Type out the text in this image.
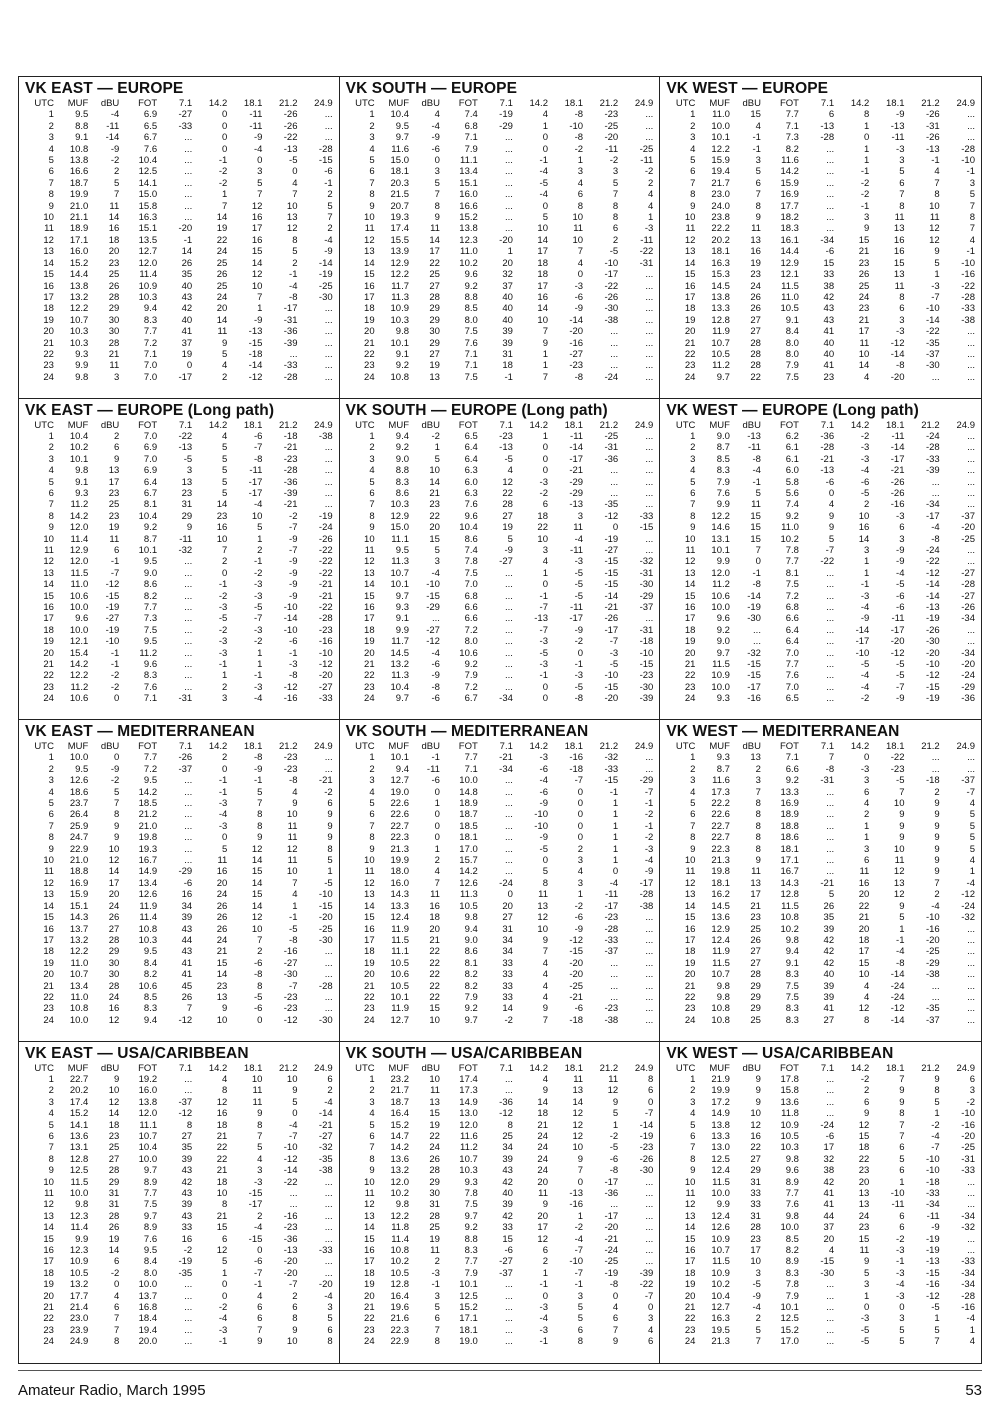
VK EAST — EUROPE
UTC	MUF	dBU	FOT	7.1	14.2	18.1	21.2	24.9
1	9.5	-4	6.9	-27	0	-11	-26	...
2	8.8	-11	6.5	-33	0	-11	-26	...
3	9.1	-14	6.7	...	0	-9	-22	...
4	10.8	-9	7.6	...	0	-4	-13	-28
5	13.8	-2	10.4	...	-1	0	-5	-15
6	16.6	2	12.5	...	-2	3	0	-6
7	18.7	5	14.1	...	-2	5	4	-1
8	19.9	7	15.0	...	1	7	7	2
9	21.0	11	15.8	...	7	12	10	5
10	21.1	14	16.3	...	14	16	13	7
11	18.9	16	15.1	-20	19	17	12	2
12	17.1	18	13.5	-1	22	16	8	-4
13	16.0	20	12.7	14	24	15	5	-9
14	15.2	23	12.0	26	25	14	2	-14
15	14.4	25	11.4	35	26	12	-1	-19
16	13.8	26	10.9	40	25	10	-4	-25
17	13.2	28	10.3	43	24	7	-8	-30
18	12.2	29	9.4	42	20	1	-17	...
19	10.7	30	8.3	40	14	-9	-31	...
20	10.3	30	7.7	41	11	-13	-36	...
21	10.3	28	7.2	37	9	-15	-39	...
22	9.3	21	7.1	19	5	-18	...	...
23	9.9	11	7.0	0	4	-14	-33	...
24	9.8	3	7.0	-17	2	-12	-28	...
VK SOUTH — EUROPE
UTC	MUF	dBU	FOT	7.1	14.2	18.1	21.2	24.9
1	10.4	4	7.4	-19	4	-8	-23	...
2	9.5	-4	6.8	-29	1	-10	-25	...
3	9.7	-9	7.1	...	0	-8	-20	...
4	11.6	-6	7.9	...	0	-2	-11	-25
5	15.0	0	11.1	...	-1	1	-2	-11
6	18.1	3	13.4	...	-4	3	3	-2
7	20.3	5	15.1	...	-5	4	5	2
8	21.5	7	16.0	...	-4	6	7	4
9	20.7	8	16.6	...	0	8	8	4
10	19.3	9	15.2	...	5	10	8	1
11	17.4	11	13.8	...	10	11	6	-3
12	15.5	14	12.3	-20	14	10	2	-11
13	13.9	17	11.0	1	17	7	-5	-22
14	12.9	22	10.2	20	18	4	-10	-31
15	12.2	25	9.6	32	18	0	-17	...
16	11.7	27	9.2	37	17	-3	-22	...
17	11.3	28	8.8	40	16	-6	-26	...
18	10.9	29	8.5	40	14	-9	-30	...
19	10.3	29	8.0	40	10	-14	-38	...
20	9.8	30	7.5	39	7	-20	...	...
21	10.1	29	7.6	39	9	-16	...	...
22	9.1	27	7.1	31	1	-27	...	...
23	9.2	19	7.1	18	1	-23	...	...
24	10.8	13	7.5	-1	7	-8	-24	...
VK WEST — EUROPE
UTC	MUF	dBU	FOT	7.1	14.2	18.1	21.2	24.9
1	11.0	15	7.7	6	8	-9	-26	...
2	10.0	4	7.1	-13	1	-13	-31	...
3	10.1	-1	7.3	-28	0	-11	-26	...
4	12.2	-1	8.2	...	1	-3	-13	-28
5	15.9	3	11.6	...	1	3	-1	-10
6	19.4	5	14.2	...	-1	5	4	-1
7	21.7	6	15.9	...	-2	6	7	3
8	23.0	7	16.9	...	-2	7	8	5
9	24.0	8	17.7	...	-1	8	10	7
10	23.8	9	18.2	...	3	11	11	8
11	22.2	11	18.3	...	9	13	12	7
12	20.2	13	16.1	-34	15	16	12	4
13	18.1	16	14.4	-6	21	16	9	-1
14	16.3	19	12.9	15	23	15	5	-10
15	15.3	23	12.1	33	26	13	1	-16
16	14.5	24	11.5	38	25	11	-3	-22
17	13.8	26	11.0	42	24	8	-7	-28
18	13.3	26	10.5	43	23	6	-10	-33
19	12.8	27	9.1	43	21	3	-14	-38
20	11.9	27	8.4	41	17	-3	-22	...
21	10.7	28	8.0	40	11	-12	-35	...
22	10.5	28	8.0	40	10	-14	-37	...
23	11.2	28	7.9	41	14	-8	-30	...
24	9.7	22	7.5	23	4	-20	...	...
VK EAST — EUROPE (Long path)
UTC	MUF	dBU	FOT	7.1	14.2	18.1	21.2	24.9
1	10.4	2	7.0	-22	4	-6	-18	-38
2	10.2	6	6.9	-13	5	-7	-21	...
3	10.1	9	7.0	-5	5	-8	-23	...
4	9.8	13	6.9	3	5	-11	-28	...
5	9.1	17	6.4	13	5	-17	-36	...
6	9.3	23	6.7	23	5	-17	-39	...
7	11.2	25	8.1	31	14	-4	-21	...
8	14.2	23	10.4	29	23	10	-2	-19
9	12.0	19	9.2	9	16	5	-7	-24
10	11.4	11	8.7	-11	10	1	-9	-26
11	12.9	6	10.1	-32	7	2	-7	-22
12	12.0	-1	9.5	...	2	-1	-9	-22
13	11.5	-7	9.0	...	0	-2	-9	-22
14	11.0	-12	8.6	...	-1	-3	-9	-21
15	10.6	-15	8.2	...	-2	-3	-9	-21
16	10.0	-19	7.7	...	-3	-5	-10	-22
17	9.6	-27	7.3	...	-5	-7	-14	-28
18	10.0	-19	7.5	...	-2	-3	-10	-23
19	12.1	-10	9.5	...	-3	-2	-6	-16
20	15.4	-1	11.2	...	-3	1	-1	-10
21	14.2	-1	9.6	...	-1	1	-3	-12
22	12.2	-2	8.3	...	1	-1	-8	-20
23	11.2	-2	7.6	...	2	-3	-12	-27
24	10.6	0	7.1	-31	3	-4	-16	-33
VK SOUTH — EUROPE (Long path)
UTC	MUF	dBU	FOT	7.1	14.2	18.1	21.2	24.9
1	9.4	-2	6.5	-23	1	-11	-25	...
2	9.2	1	6.4	-13	0	-14	-31	...
3	9.0	5	6.4	-5	0	-17	-36	...
4	8.8	10	6.3	4	0	-21	...	...
5	8.3	14	6.0	12	-3	-29	...	...
6	8.6	21	6.3	22	-2	-29	...	...
7	10.3	23	7.6	28	6	-13	-35	...
8	12.9	22	9.6	27	18	3	-12	-33
9	15.0	20	10.4	19	22	11	0	-15
10	11.1	15	8.6	5	10	-4	-19	...
11	9.5	5	7.4	-9	3	-11	-27	...
12	11.3	3	7.8	-27	4	-3	-15	-32
13	10.7	-4	7.5	...	1	-5	-15	-31
14	10.1	-10	7.0	...	0	-5	-15	-30
15	9.7	-15	6.8	...	-1	-5	-14	-29
16	9.3	-29	6.6	...	-7	-11	-21	-37
17	9.1	...	6.6	...	-13	-17	-26	...
18	9.9	-27	7.2	...	-7	-9	-17	-31
19	11.7	-12	8.0	...	-3	-2	-7	-18
20	14.5	-4	10.6	...	-5	0	-3	-10
21	13.2	-6	9.2	...	-3	-1	-5	-15
22	11.3	-9	7.9	...	-1	-3	-10	-23
23	10.4	-8	7.2	...	0	-5	-15	-30
24	9.7	-6	6.7	-34	0	-8	-20	-39
VK WEST — EUROPE (Long path)
UTC	MUF	dBU	FOT	7.1	14.2	18.1	21.2	24.9
1	9.0	-13	6.2	-36	-2	-11	-24	...
2	8.7	-11	6.1	-28	-3	-14	-28	...
3	8.5	-8	6.1	-21	-3	-17	-33	...
4	8.3	-4	6.0	-13	-4	-21	-39	...
5	7.9	-1	5.8	-6	-6	-26	...	...
6	7.6	5	5.6	0	-5	-26	...	...
7	9.9	11	7.4	4	2	-16	-34	...
8	12.2	15	9.2	9	10	-3	-17	-37
9	14.6	15	11.0	9	16	6	-4	-20
10	13.1	15	10.2	5	14	3	-8	-25
11	10.1	7	7.8	-7	3	-9	-24	...
12	9.9	0	7.7	-22	1	-9	-22	...
13	12.0	-1	8.1	...	1	-4	-12	-27
14	11.2	-8	7.5	...	-1	-5	-14	-28
15	10.6	-14	7.2	...	-3	-6	-14	-27
16	10.0	-19	6.8	...	-4	-6	-13	-26
17	9.6	-30	6.6	...	-9	-11	-19	-34
18	9.2	...	6.4	...	-14	-17	-26	...
19	9.0	...	6.4	...	-17	-20	-30	...
20	9.7	-32	7.0	...	-10	-12	-20	-34
21	11.5	-15	7.7	...	-5	-5	-10	-20
22	10.9	-15	7.6	...	-4	-5	-12	-24
23	10.0	-17	7.0	...	-4	-7	-15	-29
24	9.3	-16	6.5	...	-2	-9	-19	-36
VK EAST — MEDITERRANEAN
UTC	MUF	dBU	FOT	7.1	14.2	18.1	21.2	24.9
1	10.0	0	7.7	-26	2	-8	-23	...
2	9.5	-9	7.2	-37	0	-9	-23	...
3	12.6	-2	9.5	...	-1	-1	-8	-21
4	18.6	5	14.2	...	-1	5	4	-2
5	23.7	7	18.5	...	-3	7	9	6
6	26.4	8	21.2	...	-4	8	10	9
7	25.9	9	21.0	...	-3	8	11	9
8	24.7	9	19.8	...	0	9	11	9
9	22.9	10	19.3	...	5	12	12	8
10	21.0	12	16.7	...	11	14	11	5
11	18.8	14	14.9	-29	16	15	10	1
12	16.9	17	13.4	-6	20	14	7	-5
13	15.9	20	12.6	16	24	15	4	-10
14	15.1	24	11.9	34	26	14	1	-15
15	14.3	26	11.4	39	26	12	-1	-20
16	13.7	27	10.8	43	26	10	-5	-25
17	13.2	28	10.3	44	24	7	-8	-30
18	12.2	29	9.5	43	21	2	-16	...
19	11.0	30	8.4	41	15	-6	-27	...
20	10.7	30	8.2	41	14	-8	-30	...
21	13.4	28	10.6	45	23	8	-7	-28
22	11.0	24	8.5	26	13	-5	-23	...
23	10.8	16	8.3	7	9	-6	-23	...
24	10.0	12	9.4	-12	10	0	-12	-30
VK SOUTH — MEDITERRANEAN
UTC	MUF	dBU	FOT	7.1	14.2	18.1	21.2	24.9
1	10.1	-1	7.7	-21	-3	-16	-32	...
2	9.4	-11	7.1	-34	-6	-18	-33	...
3	12.7	-6	10.0	...	-4	-7	-15	-29
4	19.0	0	14.8	...	-6	0	-1	-7
5	22.6	1	18.9	...	-9	0	1	-1
6	22.6	0	18.7	...	-10	0	1	-2
7	22.7	0	18.5	...	-10	0	1	-1
8	22.3	0	18.1	...	-9	0	1	-2
9	21.3	1	17.0	...	-5	2	1	-3
10	19.9	2	15.7	...	0	3	1	-4
11	18.0	4	14.2	...	5	4	0	-9
12	16.0	7	12.6	-24	8	3	-4	-17
13	14.3	11	11.3	0	11	1	-11	-28
14	13.3	16	10.5	20	13	-2	-17	-38
15	12.4	18	9.8	27	12	-6	-23	...
16	11.9	20	9.4	31	10	-9	-28	...
17	11.5	21	9.0	34	9	-12	-33	...
18	11.1	22	8.6	34	7	-15	-37	...
19	10.5	22	8.1	33	4	-20	...	...
20	10.6	22	8.2	33	4	-20	...	...
21	10.5	22	8.2	33	4	-25	...	...
22	10.1	22	7.9	33	4	-21	...	...
23	11.9	15	9.2	14	9	-6	-23	...
24	12.7	10	9.7	-2	7	-18	-38	...
VK WEST — MEDITERRANEAN
UTC	MUF	dBU	FOT	7.1	14.2	18.1	21.2	24.9
1	9.3	13	7.1	7	0	-22	...	...
2	8.7	2	6.6	-8	-3	-23	...	...
3	11.6	3	9.2	-31	3	-5	-18	-37
4	17.3	7	13.3	...	6	7	2	-7
5	22.2	8	16.9	...	4	10	9	4
6	22.6	8	18.9	...	2	9	9	5
7	22.7	8	18.8	...	1	9	9	5
8	22.7	8	18.6	...	1	9	9	5
9	22.3	8	18.1	...	3	10	9	5
10	21.3	9	17.1	...	6	11	9	4
11	19.8	11	16.7	...	11	12	9	1
12	18.1	13	14.3	-21	16	13	7	-4
13	16.2	17	12.8	5	20	12	2	-12
14	14.5	21	11.5	26	22	9	-4	-24
15	13.6	23	10.8	35	21	5	-10	-32
16	12.9	25	10.2	39	20	1	-16	...
17	12.4	26	9.8	42	18	-1	-20	...
18	11.9	27	9.4	42	17	-4	-25	...
19	11.5	27	9.1	42	15	-8	-29	...
20	10.7	28	8.3	40	10	-14	-38	...
21	9.8	29	7.5	39	4	-24	...	...
22	9.8	29	7.5	39	4	-24	...	...
23	10.8	29	8.3	41	12	-12	-35	...
24	10.8	25	8.3	27	8	-14	-37	...
VK EAST — USA/CARIBBEAN
UTC	MUF	dBU	FOT	7.1	14.2	18.1	21.2	24.9
1	22.7	9	19.2	...	4	10	10	6
2	20.2	10	16.0	...	8	11	9	2
3	17.4	12	13.8	-37	12	11	5	-4
4	15.2	14	12.0	-12	16	9	0	-14
5	14.1	18	11.1	8	18	8	-4	-21
6	13.6	23	10.7	27	21	7	-7	-27
7	13.1	25	10.4	35	22	5	-10	-32
8	12.8	27	10.0	39	22	4	-12	-35
9	12.5	28	9.7	43	21	3	-14	-38
10	11.5	29	8.9	42	18	-3	-22	...
11	10.0	31	7.7	43	10	-15	...	...
12	9.8	31	7.5	39	8	-17	...	...
13	12.3	28	9.7	43	21	2	-16	...
14	11.4	26	8.9	33	15	-4	-23	...
15	9.9	19	7.6	16	6	-15	-36	...
16	12.3	14	9.5	-2	12	0	-13	-33
17	10.9	6	8.4	-19	5	-6	-20	...
18	10.5	-2	8.0	-35	1	-7	-20	...
19	13.2	0	10.0	...	0	-1	-7	-20
20	17.7	4	13.7	...	0	4	2	-4
21	21.4	6	16.8	...	-2	6	6	3
22	23.0	7	18.4	...	-4	6	8	5
23	23.9	7	19.4	...	-3	7	9	6
24	24.9	8	20.0	...	-1	9	10	8
VK SOUTH — USA/CARIBBEAN
UTC	MUF	dBU	FOT	7.1	14.2	18.1	21.2	24.9
1	23.2	10	17.4	...	4	11	11	8
2	21.7	11	17.3	...	9	13	12	6
3	18.7	13	14.9	-36	14	14	9	0
4	16.4	15	13.0	-12	18	12	5	-7
5	15.2	19	12.0	8	21	12	1	-14
6	14.7	22	11.6	25	24	12	-2	-19
7	14.2	24	11.2	34	24	10	-5	-23
8	13.6	26	10.7	39	24	9	-6	-26
9	13.2	28	10.3	43	24	7	-8	-30
10	12.0	29	9.3	42	20	0	-17	...
11	10.2	30	7.8	40	11	-13	-36	...
12	9.8	31	7.5	39	9	-16	...	...
13	12.2	28	9.7	42	20	1	-17	...
14	11.8	25	9.2	33	17	-2	-20	...
15	11.4	19	8.8	15	12	-4	-21	...
16	10.8	11	8.3	-6	6	-7	-24	...
17	10.2	2	7.7	-27	2	-10	-25	...
18	10.5	-3	7.9	-37	1	-7	-19	-39
19	12.8	-1	10.1	...	-1	-1	-8	-22
20	16.4	3	12.5	...	0	3	0	-7
21	19.6	5	15.2	...	-3	5	4	0
22	21.6	6	17.1	...	-4	5	6	3
23	22.3	7	18.1	...	-3	6	7	4
24	22.9	8	19.0	...	-1	8	9	6
VK WEST — USA/CARIBBEAN
UTC	MUF	dBU	FOT	7.1	14.2	18.1	21.2	24.9
1	21.9	9	17.8	...	-2	7	9	6
2	19.9	9	15.8	...	2	9	8	3
3	17.2	9	13.6	...	6	9	5	-2
4	14.9	10	11.8	...	9	8	1	-10
5	13.8	12	10.9	-24	12	7	-2	-16
6	13.3	16	10.5	-6	15	7	-4	-20
7	13.0	22	10.3	17	18	6	-7	-25
8	12.5	27	9.8	32	22	5	-10	-31
9	12.4	29	9.6	38	23	6	-10	-33
10	11.5	31	8.9	42	20	1	-18	...
11	10.0	33	7.7	41	13	-10	-33	...
12	9.9	33	7.6	41	13	-11	-34	...
13	12.4	31	9.8	44	24	6	-11	-34
14	12.6	28	10.0	37	23	6	-9	-32
15	10.9	23	8.5	20	15	-2	-19	...
16	10.7	17	8.2	4	11	-3	-19	...
17	11.5	10	8.9	-15	9	-1	-13	-33
18	10.9	3	8.3	-30	5	-3	-15	-34
19	10.2	-5	7.8	...	3	-4	-16	-34
20	10.4	-9	7.9	...	1	-3	-12	-28
21	12.7	-4	10.1	...	0	0	-5	-16
22	16.3	2	12.5	...	-3	3	1	-4
23	19.5	5	15.2	...	-5	5	5	1
24	21.3	7	17.0	...	-5	5	7	4
Amateur Radio, March 1995	53
